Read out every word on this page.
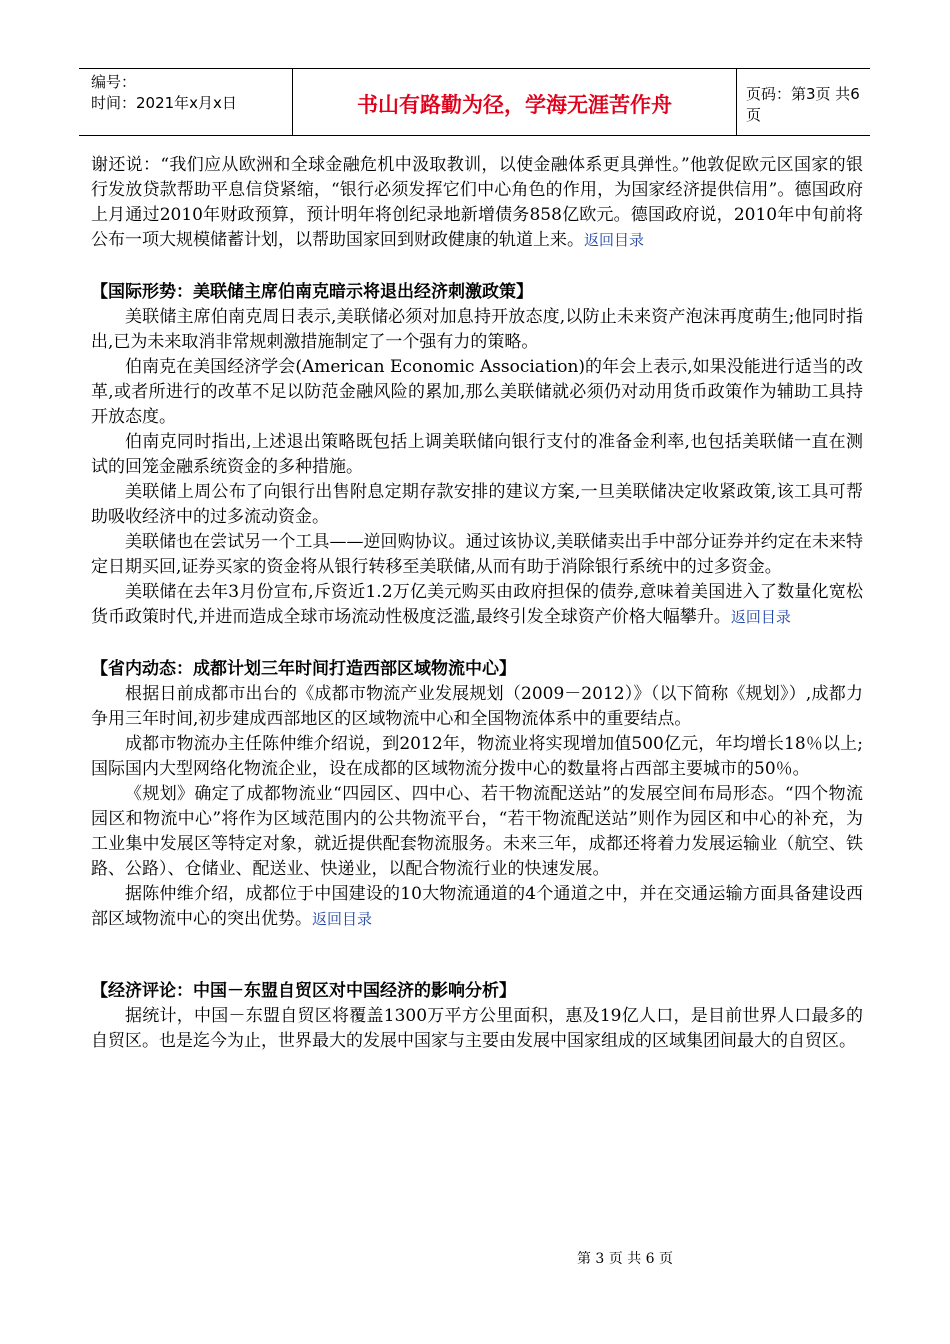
编号：
时间：2021年x月x日	书山有路勤为径，学海无涯苦作舟	页码：第3页 共6页

谢还说：“我们应从欧洲和全球金融危机中汲取教训，以使金融体系更具弹性。”他敦促欧元区国家的银行发放贷款帮助平息信贷紧缩，“银行必须发挥它们中心角色的作用，为国家经济提供信用”。德国政府上月通过2010年财政预算，预计明年将创纪录地新增债务858亿欧元。德国政府说，2010年中旬前将公布一项大规模储蓄计划，以帮助国家回到财政健康的轨道上来。返回目录

【国际形势：美联储主席伯南克暗示将退出经济刺激政策】

美联储主席伯南克周日表示,美联储必须对加息持开放态度,以防止未来资产泡沫再度萌生;他同时指出,已为未来取消非常规刺激措施制定了一个强有力的策略。

伯南克在美国经济学会(American Economic Association)的年会上表示,如果没能进行适当的改革,或者所进行的改革不足以防范金融风险的累加,那么美联储就必须仍对动用货币政策作为辅助工具持开放态度。

伯南克同时指出,上述退出策略既包括上调美联储向银行支付的准备金利率,也包括美联储一直在测试的回笼金融系统资金的多种措施。

美联储上周公布了向银行出售附息定期存款安排的建议方案,一旦美联储决定收紧政策,该工具可帮助吸收经济中的过多流动资金。

美联储也在尝试另一个工具——逆回购协议。通过该协议,美联储卖出手中部分证券并约定在未来特定日期买回,证券买家的资金将从银行转移至美联储,从而有助于消除银行系统中的过多资金。

美联储在去年3月份宣布,斥资近1.2万亿美元购买由政府担保的债券,意味着美国进入了数量化宽松货币政策时代,并进而造成全球市场流动性极度泛滥,最终引发全球资产价格大幅攀升。返回目录

【省内动态：成都计划三年时间打造西部区域物流中心】

根据日前成都市出台的《成都市物流产业发展规划（2009－2012）》（以下简称《规划》）,成都力争用三年时间,初步建成西部地区的区域物流中心和全国物流体系中的重要结点。

成都市物流办主任陈仲维介绍说，到2012年，物流业将实现增加值500亿元，年均增长18％以上;国际国内大型网络化物流企业，设在成都的区域物流分拨中心的数量将占西部主要城市的50％。

《规划》确定了成都物流业“四园区、四中心、若干物流配送站”的发展空间布局形态。“四个物流园区和物流中心”将作为区域范围内的公共物流平台，“若干物流配送站”则作为园区和中心的补充，为工业集中发展区等特定对象，就近提供配套物流服务。未来三年，成都还将着力发展运输业（航空、铁路、公路）、仓储业、配送业、快递业，以配合物流行业的快速发展。

据陈仲维介绍，成都位于中国建设的10大物流通道的4个通道之中，并在交通运输方面具备建设西部区域物流中心的突出优势。返回目录

【经济评论：中国－东盟自贸区对中国经济的影响分析】

据统计，中国－东盟自贸区将覆盖1300万平方公里面积，惠及19亿人口，是目前世界人口最多的自贸区。也是迄今为止，世界最大的发展中国家与主要由发展中国家组成的区域集团间最大的自贸区。

第 3 页 共 6 页
